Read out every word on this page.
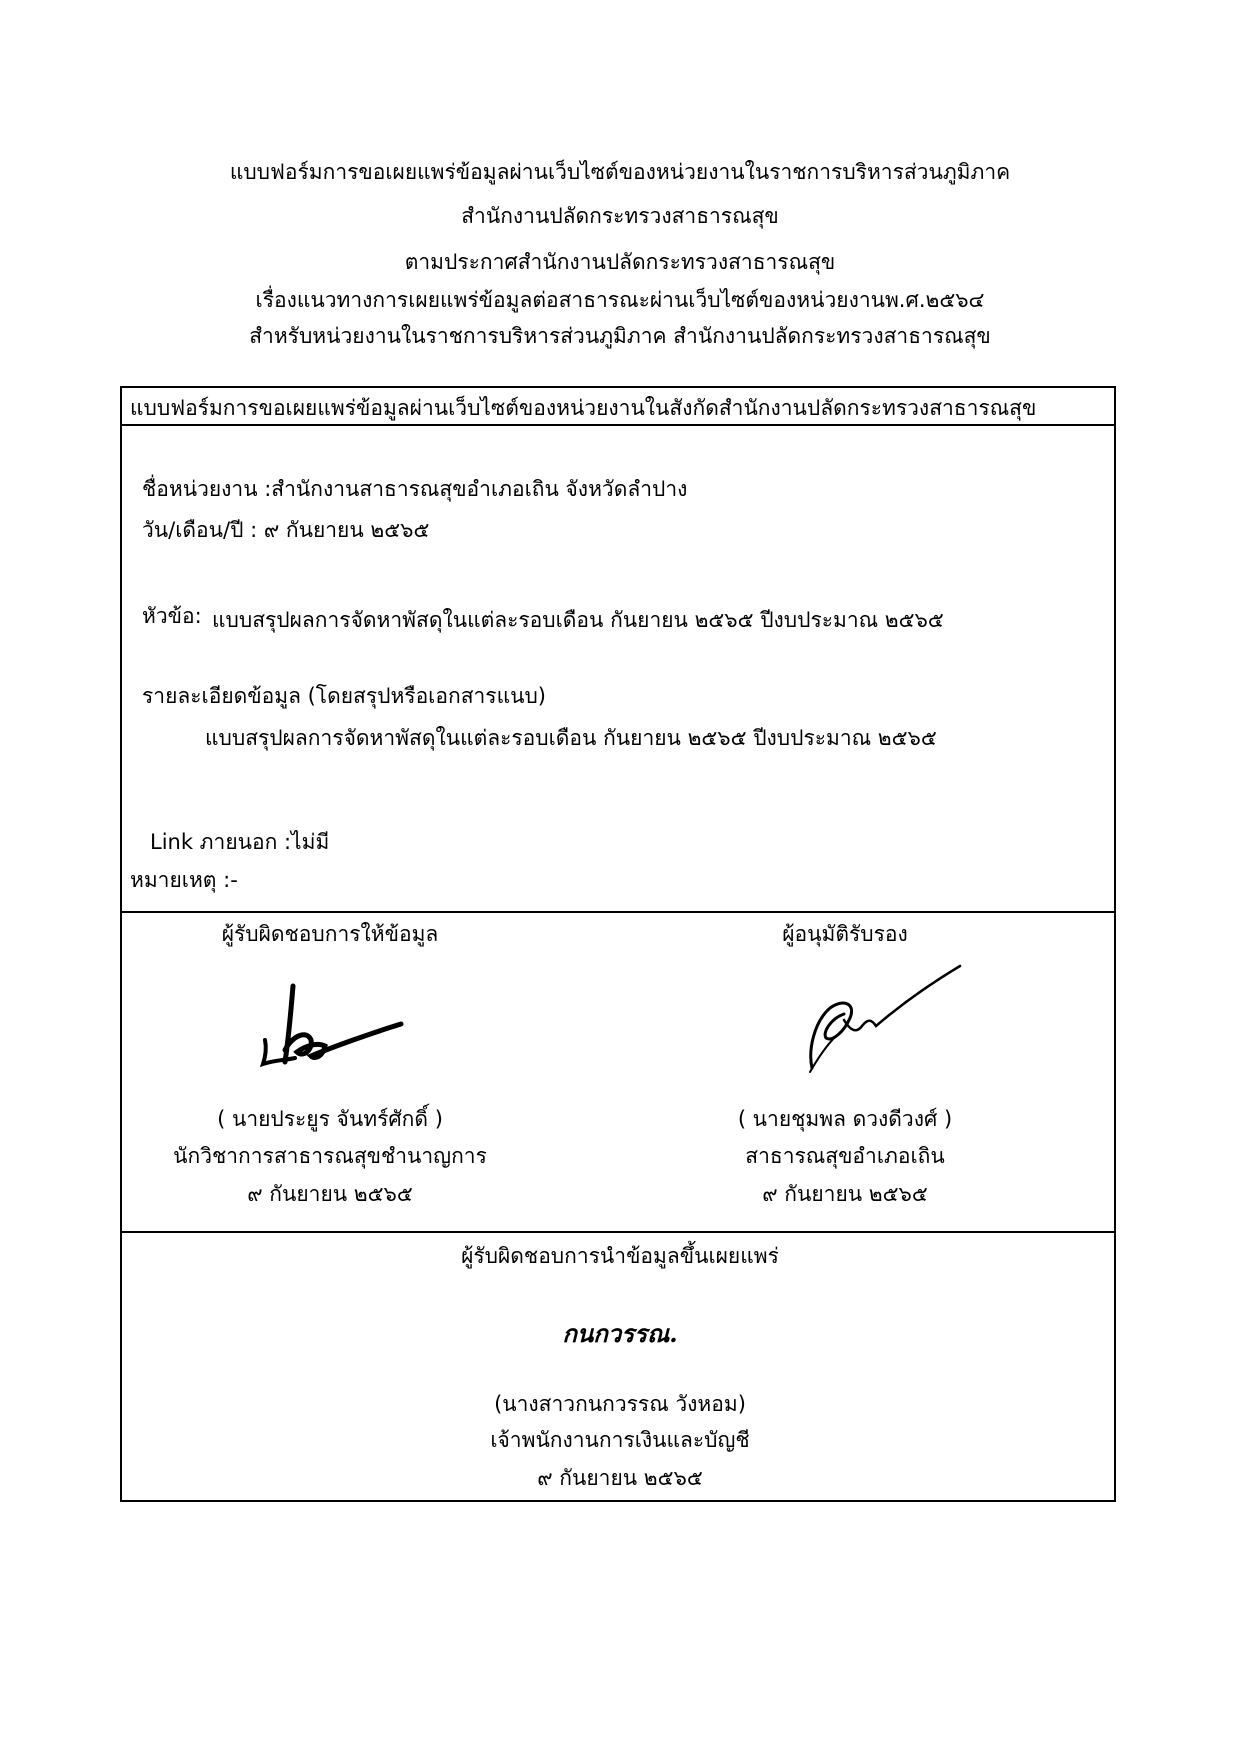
แบบฟอร์มการขอเผยแพร่ข้อมูลผ่านเว็บไซต์ของหน่วยงานในราชการบริหารส่วนภูมิภาค
สำนักงานปลัดกระทรวงสาธารณสุข
ตามประกาศสำนักงานปลัดกระทรวงสาธารณสุข
เรื่องแนวทางการเผยแพร่ข้อมูลต่อสาธารณะผ่านเว็บไซต์ของหน่วยงานพ.ศ.๒๕๖๔
สำหรับหน่วยงานในราชการบริหารส่วนภูมิภาค สำนักงานปลัดกระทรวงสาธารณสุข
แบบฟอร์มการขอเผยแพร่ข้อมูลผ่านเว็บไซต์ของหน่วยงานในสังกัดสำนักงานปลัดกระทรวงสาธารณสุข
ชื่อหน่วยงาน :สำนักงานสาธารณสุขอำเภอเถิน จังหวัดลำปาง
วัน/เดือน/ปี : ๙ กันยายน ๒๕๖๕
หัวข้อ: แบบสรุปผลการจัดหาพัสดุในแต่ละรอบเดือน กันยายน ๒๕๖๕ ปีงบประมาณ ๒๕๖๕
รายละเอียดข้อมูล (โดยสรุปหรือเอกสารแนบ)
แบบสรุปผลการจัดหาพัสดุในแต่ละรอบเดือน กันยายน ๒๕๖๕ ปีงบประมาณ ๒๕๖๕
Link ภายนอก :ไม่มี
หมายเหตุ :-
ผู้รับผิดชอบการให้ข้อมูล
( นายประยูร จันทร์ศักดิ์ )
นักวิชาการสาธารณสุขชำนาญการ
๙ กันยายน ๒๕๖๕
ผู้อนุมัติรับรอง
( นายชุมพล ดวงดีวงศ์ )
สาธารณสุขอำเภอเถิน
๙ กันยายน ๒๕๖๕
ผู้รับผิดชอบการนำข้อมูลขึ้นเผยแพร่
กนกวรรณ.
(นางสาวกนกวรรณ วังหอม)
เจ้าพนักงานการเงินและบัญชี
๙ กันยายน ๒๕๖๕
